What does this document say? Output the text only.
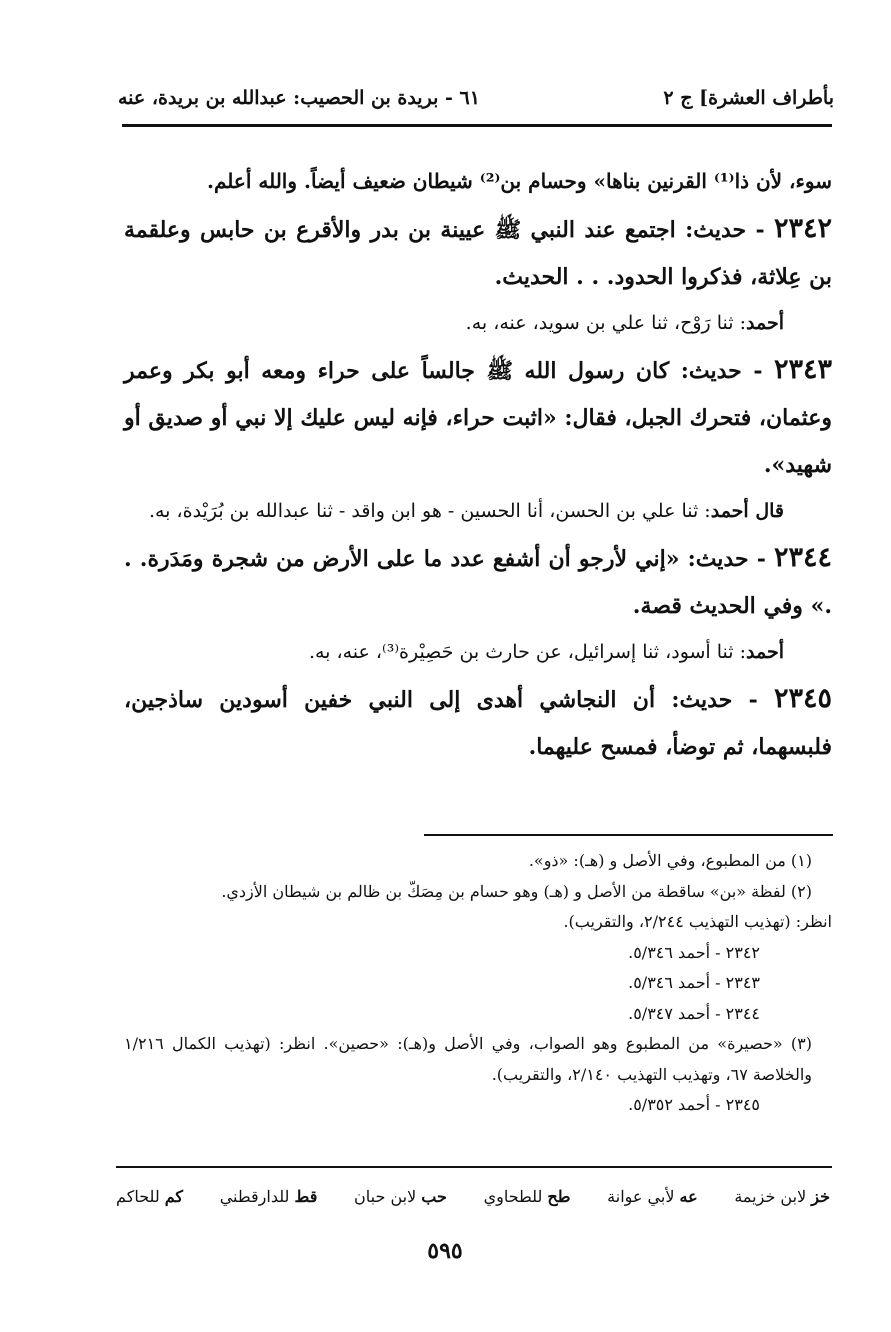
بأطراف العشرة] ج ٢
٦١ - بريدة بن الحصيب: عبدالله بن بريدة، عنه

سوء، لأن ذا⁽¹⁾ القرنين بناها» وحسام بن⁽²⁾ شيطان ضعيف أيضاً. والله أعلم.

٢٣٤٢ - حديث: اجتمع عند النبي ﷺ عيينة بن بدر والأقرع بن حابس وعلقمة بن عِلاثة، فذكروا الحدود. . . الحديث.

أحمد: ثنا رَوْح، ثنا علي بن سويد، عنه، به.

٢٣٤٣ - حديث: كان رسول الله ﷺ جالساً على حراء ومعه أبو بكر وعمر وعثمان، فتحرك الجبل، فقال: «اثبت حراء، فإنه ليس عليك إلا نبي أو صديق أو شهيد».

قال أحمد: ثنا علي بن الحسن، أنا الحسين - هو ابن واقد - ثنا عبدالله بن بُرَيْدة، به.

٢٣٤٤ - حديث: «إني لأرجو أن أشفع عدد ما على الأرض من شجرة ومَدَرة. . .» وفي الحديث قصة.

أحمد: ثنا أسود، ثنا إسرائيل، عن حارث بن حَصِيْرة⁽³⁾، عنه، به.

٢٣٤٥ - حديث: أن النجاشي أهدى إلى النبي خفين أسودين ساذجين، فلبسهما، ثم توضأ، فمسح عليهما.

(١) من المطبوع، وفي الأصل و (هـ): «ذو».

(٢) لفظة «بن» ساقطة من الأصل و (هـ) وهو حسام بن مِصَكّ بن ظالم بن شيطان الأزدي.

انظر: (تهذيب التهذيب ٢/٢٤٤، والتقريب).

٢٣٤٢ - أحمد ٥/٣٤٦.

٢٣٤٣ - أحمد ٥/٣٤٦.

٢٣٤٤ - أحمد ٥/٣٤٧.

(٣) «حصيرة» من المطبوع وهو الصواب، وفي الأصل و(هـ): «حصين». انظر: (تهذيب الكمال ١/٢١٦ والخلاصة ٦٧، وتهذيب التهذيب ٢/١٤٠، والتقريب).

٢٣٤٥ - أحمد ٥/٣٥٢.

خز لابن خزيمة
عه لأبي عوانة
طح للطحاوي
حب لابن حبان
قط للدارقطني
كم للحاكم
٥٩٥
